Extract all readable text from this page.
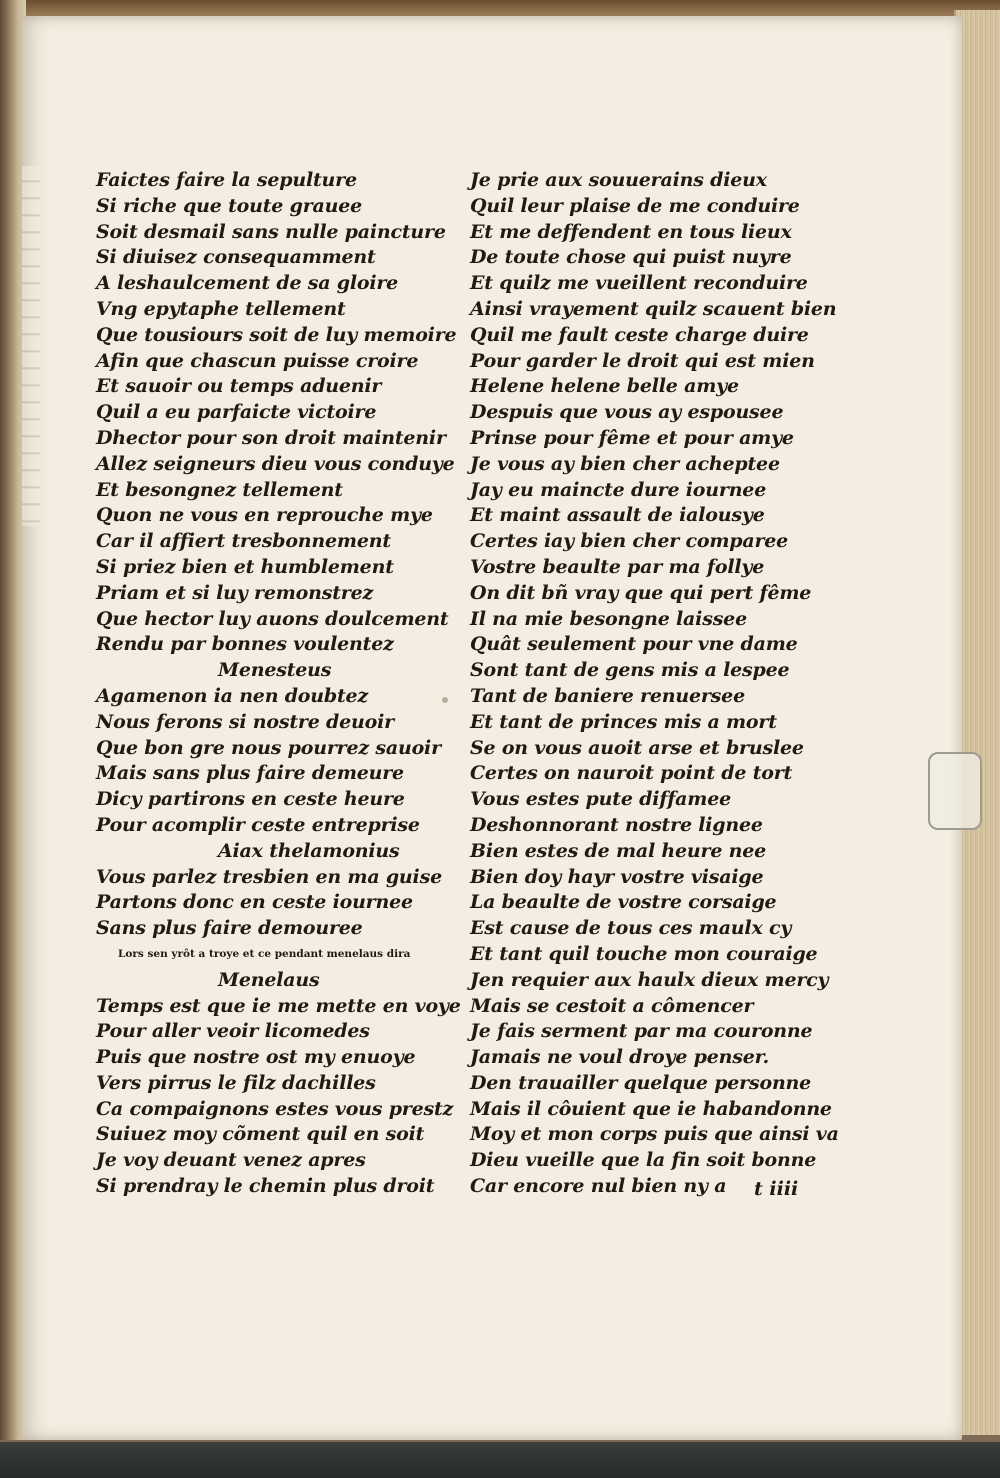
Faictes faire la sepulture
Si riche que toute grauee
Soit desmail sans nulle paincture
Si diuisez consequamment
A leshaulcement de sa gloire
Vng epytaphe tellement
Que tousiours soit de luy memoire
Afin que chascun puisse croire
Et sauoir ou temps aduenir
Quil a eu parfaicte victoire
Dhector pour son droit maintenir
Allez seigneurs dieu vous conduye
Et besongnez tellement
Quon ne vous en reprouche mye
Car il affiert tresbonnement
Si priez bien et humblement
Priam et si luy remonstrez
Que hector luy auons doulcement
Rendu par bonnes voulentez
Menesteus
Agamenon ia nen doubtez
Nous ferons si nostre deuoir
Que bon gre nous pourrez sauoir
Mais sans plus faire demeure
Dicy partirons en ceste heure
Pour acomplir ceste entreprise
Aiax thelamonius
Vous parlez tresbien en ma guise
Partons donc en ceste iournee
Sans plus faire demouree
Lors sen yrôt a troye et ce pendant menelaus dira
Menelaus
Temps est que ie me mette en voye
Pour aller veoir licomedes
Puis que nostre ost my enuoye
Vers pirrus le filz dachilles
Ca compaignons estes vous prestz
Suiuez moy cõment quil en soit
Je voy deuant venez apres
Si prendray le chemin plus droit
Je prie aux souuerains dieux
Quil leur plaise de me conduire
Et me deffendent en tous lieux
De toute chose qui puist nuyre
Et quilz me vueillent reconduire
Ainsi vrayement quilz scauent bien
Quil me fault ceste charge duire
Pour garder le droit qui est mien
Helene helene belle amye
Despuis que vous ay espousee
Prinse pour fême et pour amye
Je vous ay bien cher acheptee
Jay eu maincte dure iournee
Et maint assault de ialousye
Certes iay bien cher comparee
Vostre beaulte par ma follye
On dit bñ vray que qui pert fême
Il na mie besongne laissee
Quât seulement pour vne dame
Sont tant de gens mis a lespee
Tant de baniere renuersee
Et tant de princes mis a mort
Se on vous auoit arse et bruslee
Certes on nauroit point de tort
Vous estes pute diffamee
Deshonnorant nostre lignee
Bien estes de mal heure nee
Bien doy hayr vostre visaige
La beaulte de vostre corsaige
Est cause de tous ces maulx cy
Et tant quil touche mon couraige
Jen requier aux haulx dieux mercy
Mais se cestoit a cômencer
Je fais serment par ma couronne
Jamais ne voul droye penser.
Den trauailler quelque personne
Mais il côuient que ie habandonne
Moy et mon corps puis que ainsi va
Dieu vueille que la fin soit bonne
Car encore nul bien ny a	t iiii
